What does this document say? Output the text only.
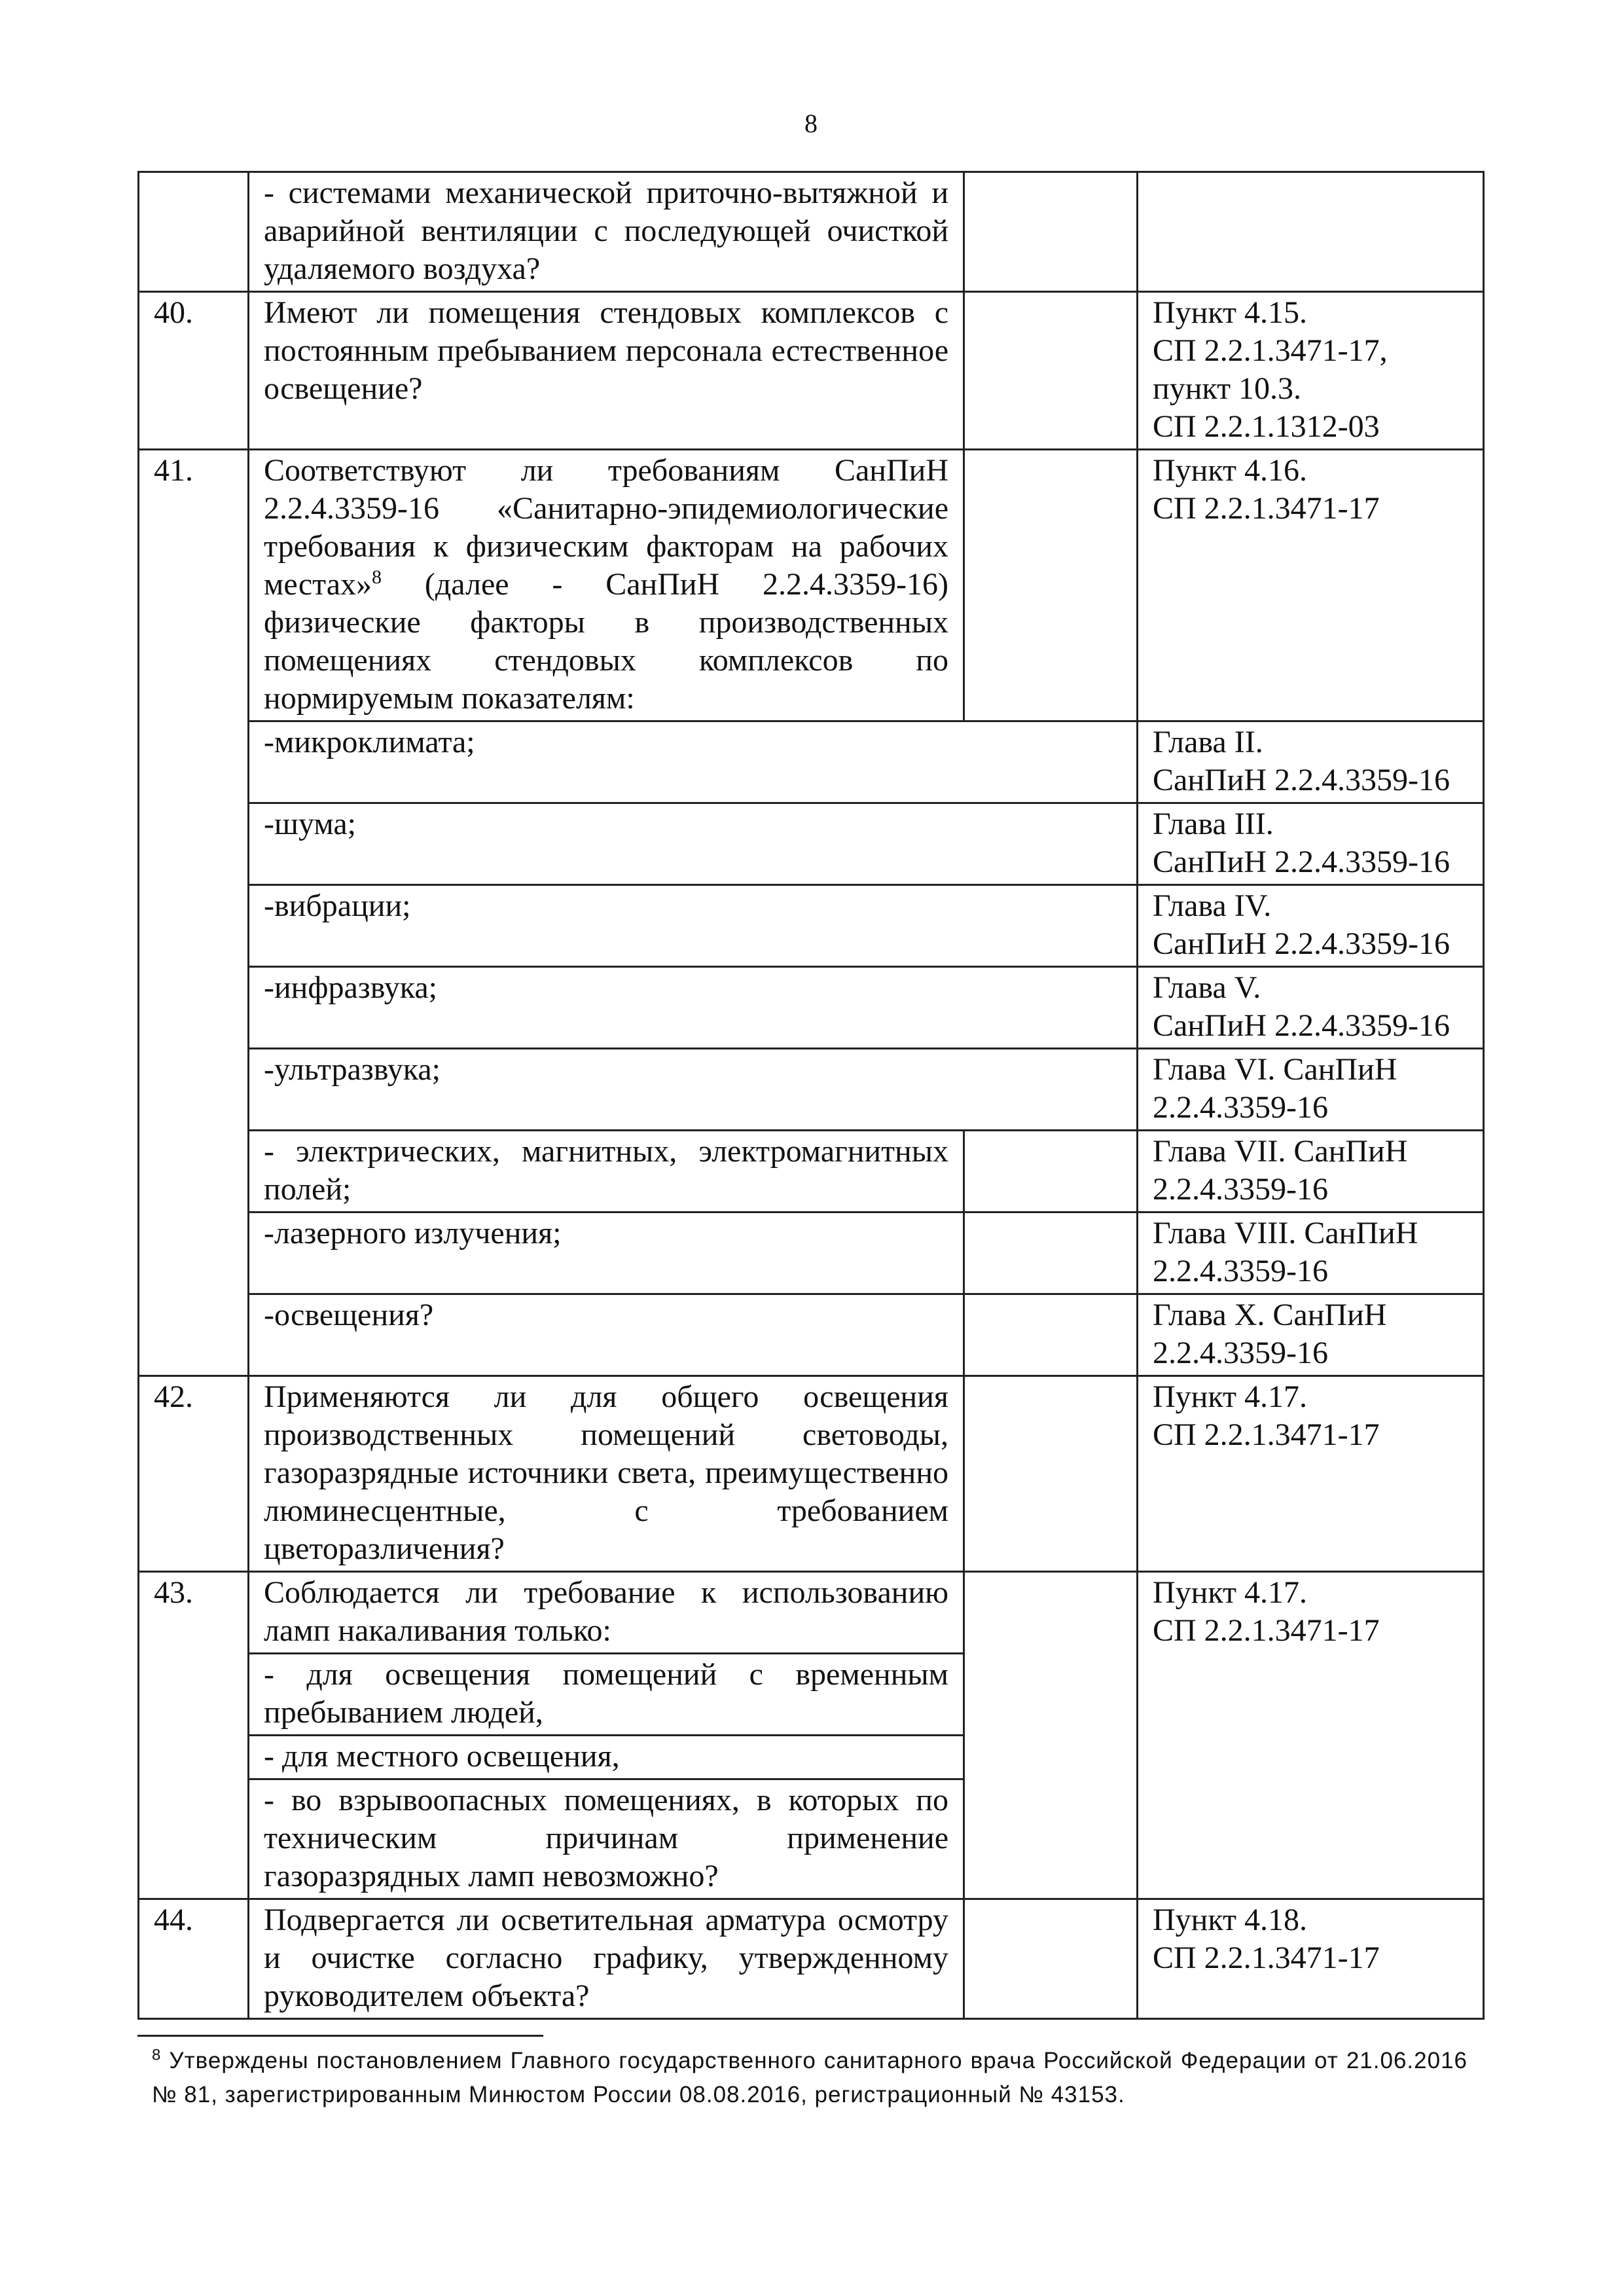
8
	- системами механической приточно-вытяжной и аварийной вентиляции с последующей очисткой удаляемого воздуха?		
40.	Имеют ли помещения стендовых комплексов с постоянным пребыванием персонала естественное освещение?		Пункт 4.15.
СП 2.2.1.3471-17,
пункт 10.3.
СП 2.2.1.1312-03

41.	Соответствуют ли требованиям СанПиН 2.2.4.3359-16 «Санитарно-эпидемиологические требования к физическим факторам на рабочих местах»$^8$ (далее - СанПиН 2.2.4.3359-16) физические факторы в производственных помещениях стендовых комплексов по нормируемым показателям:		Пункт 4.16.
СП 2.2.1.3471-17

	-микроклимата;		Глава II.
СанПиН 2.2.4.3359-16

	-шума;		Глава III.
СанПиН 2.2.4.3359-16

	-вибрации;		Глава IV.
СанПиН 2.2.4.3359-16

	-инфразвука;		Глава V.
СанПиН 2.2.4.3359-16

	-ультразвука;		Глава VI. СанПиН
2.2.4.3359-16

	- электрических, магнитных, электромагнитных полей;		Глава VII. СанПиН
2.2.4.3359-16

	-лазерного излучения;		Глава VIII. СанПиН
2.2.4.3359-16

	-освещения?		Глава X. СанПиН
2.2.4.3359-16

42.	Применяются ли для общего освещения производственных помещений световоды, газоразрядные источники света, преимущественно люминесцентные, с требованием цветоразличения?		Пункт 4.17.
СП 2.2.1.3471-17

43.	Соблюдается ли требование к использованию ламп накаливания только:		Пункт 4.17.
СП 2.2.1.3471-17

	- для освещения помещений с временным пребыванием людей,		
	- для местного освещения,		
	- во взрывоопасных помещениях, в которых по техническим причинам применение газоразрядных ламп невозможно?		
44.	Подвергается ли осветительная арматура осмотру и очистке согласно графику, утвержденному руководителем объекта?		Пункт 4.18.
СП 2.2.1.3471-17
$^8$ Утверждены постановлением Главного государственного санитарного врача Российской Федерации от 21.06.2016 № 81, зарегистрированным Минюстом России 08.08.2016, регистрационный № 43153.
